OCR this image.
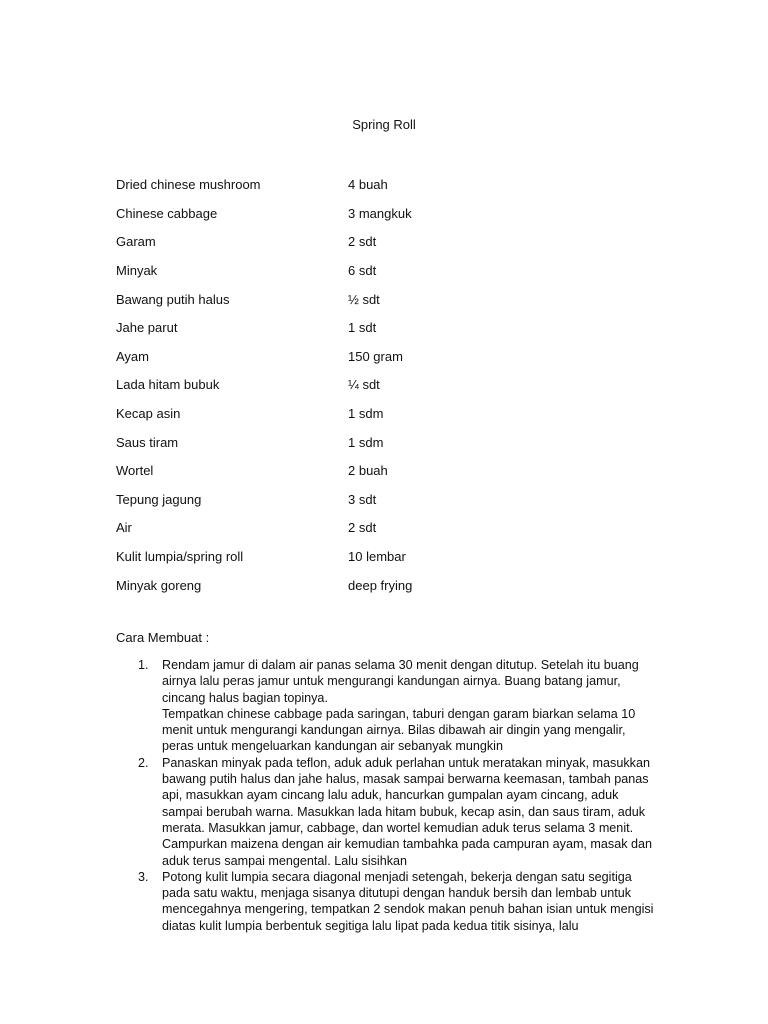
Spring Roll
Dried chinese mushroom	4 buah
Chinese cabbage	3 mangkuk
Garam	2 sdt
Minyak	6 sdt
Bawang putih halus	½ sdt
Jahe parut	1 sdt
Ayam	150 gram
Lada hitam bubuk	¼ sdt
Kecap asin	1 sdm
Saus tiram	1 sdm
Wortel	2 buah
Tepung jagung	3 sdt
Air	2 sdt
Kulit lumpia/spring roll	10 lembar
Minyak goreng	deep frying
Cara Membuat :
1.	Rendam jamur di dalam air panas selama 30 menit dengan ditutup. Setelah itu buang airnya lalu peras jamur untuk mengurangi kandungan airnya. Buang batang jamur, cincang halus bagian topinya.
Tempatkan chinese cabbage pada saringan, taburi dengan garam biarkan selama 10 menit untuk mengurangi kandungan airnya. Bilas dibawah air dingin yang mengalir, peras untuk mengeluarkan kandungan air sebanyak mungkin
2.	Panaskan minyak pada teflon, aduk aduk perlahan untuk meratakan minyak, masukkan bawang putih halus dan jahe halus, masak sampai berwarna keemasan, tambah panas api, masukkan ayam cincang lalu aduk, hancurkan gumpalan ayam cincang, aduk sampai berubah warna. Masukkan lada hitam bubuk, kecap asin, dan saus tiram, aduk merata. Masukkan jamur, cabbage, dan wortel kemudian aduk terus selama 3 menit. Campurkan maizena dengan air kemudian tambahka pada campuran ayam, masak dan aduk terus sampai mengental. Lalu sisihkan
3.	Potong kulit lumpia secara diagonal menjadi setengah, bekerja dengan satu segitiga pada satu waktu, menjaga sisanya ditutupi dengan handuk bersih dan lembab untuk mencegahnya mengering, tempatkan 2 sendok makan penuh bahan isian untuk mengisi diatas kulit lumpia berbentuk segitiga lalu lipat pada kedua titik sisinya, lalu
